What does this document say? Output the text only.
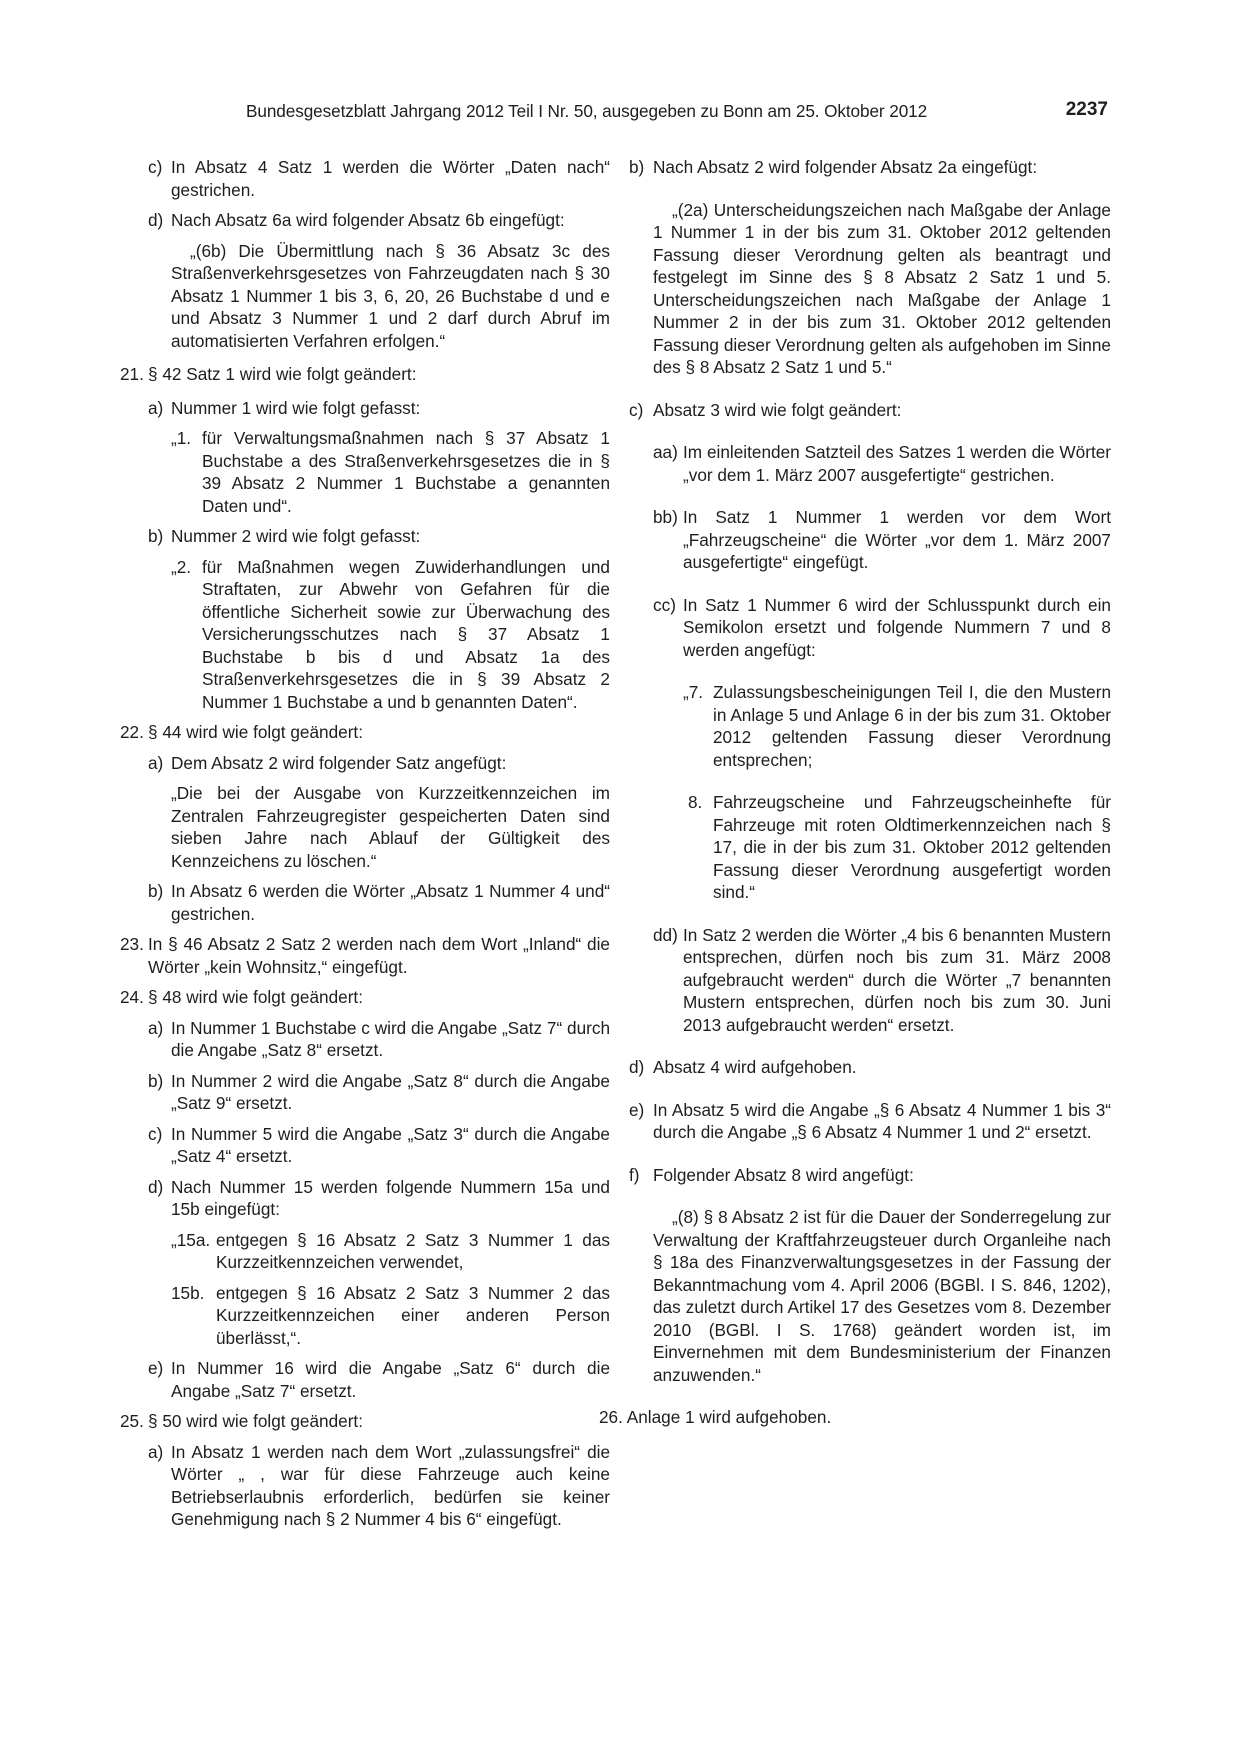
Bundesgesetzblatt Jahrgang 2012 Teil I Nr. 50, ausgegeben zu Bonn am 25. Oktober 2012	2237
c) In Absatz 4 Satz 1 werden die Wörter „Daten nach“ gestrichen.

d) Nach Absatz 6a wird folgender Absatz 6b eingefügt:

„(6b) Die Übermittlung nach § 36 Absatz 3c des Straßenverkehrsgesetzes von Fahrzeugdaten nach § 30 Absatz 1 Nummer 1 bis 3, 6, 20, 26 Buchstabe d und e und Absatz 3 Nummer 1 und 2 darf durch Abruf im automatisierten Verfahren erfolgen.“

21. § 42 Satz 1 wird wie folgt geändert:

a) Nummer 1 wird wie folgt gefasst:

„1. für Verwaltungsmaßnahmen nach § 37 Absatz 1 Buchstabe a des Straßenverkehrsgesetzes die in § 39 Absatz 2 Nummer 1 Buchstabe a genannten Daten und“.

b) Nummer 2 wird wie folgt gefasst:

„2. für Maßnahmen wegen Zuwiderhandlungen und Straftaten, zur Abwehr von Gefahren für die öffentliche Sicherheit sowie zur Überwachung des Versicherungsschutzes nach § 37 Absatz 1 Buchstabe b bis d und Absatz 1a des Straßenverkehrsgesetzes die in § 39 Absatz 2 Nummer 1 Buchstabe a und b genannten Daten“.

22. § 44 wird wie folgt geändert:

a) Dem Absatz 2 wird folgender Satz angefügt:

„Die bei der Ausgabe von Kurzzeitkennzeichen im Zentralen Fahrzeugregister gespeicherten Daten sind sieben Jahre nach Ablauf der Gültigkeit des Kennzeichens zu löschen.“

b) In Absatz 6 werden die Wörter „Absatz 1 Nummer 4 und“ gestrichen.

23. In § 46 Absatz 2 Satz 2 werden nach dem Wort „Inland“ die Wörter „kein Wohnsitz,“ eingefügt.

24. § 48 wird wie folgt geändert:

a) In Nummer 1 Buchstabe c wird die Angabe „Satz 7“ durch die Angabe „Satz 8“ ersetzt.

b) In Nummer 2 wird die Angabe „Satz 8“ durch die Angabe „Satz 9“ ersetzt.

c) In Nummer 5 wird die Angabe „Satz 3“ durch die Angabe „Satz 4“ ersetzt.

d) Nach Nummer 15 werden folgende Nummern 15a und 15b eingefügt:

„15a. entgegen § 16 Absatz 2 Satz 3 Nummer 1 das Kurzzeitkennzeichen verwendet,

15b. entgegen § 16 Absatz 2 Satz 3 Nummer 2 das Kurzzeitkennzeichen einer anderen Person überlässt,“.

e) In Nummer 16 wird die Angabe „Satz 6“ durch die Angabe „Satz 7“ ersetzt.

25. § 50 wird wie folgt geändert:

a) In Absatz 1 werden nach dem Wort „zulassungsfrei“ die Wörter „ , war für diese Fahrzeuge auch keine Betriebserlaubnis erforderlich, bedürfen sie keiner Genehmigung nach § 2 Nummer 4 bis 6“ eingefügt.

b) Nach Absatz 2 wird folgender Absatz 2a eingefügt:

„(2a) Unterscheidungszeichen nach Maßgabe der Anlage 1 Nummer 1 in der bis zum 31. Oktober 2012 geltenden Fassung dieser Verordnung gelten als beantragt und festgelegt im Sinne des § 8 Absatz 2 Satz 1 und 5. Unterscheidungszeichen nach Maßgabe der Anlage 1 Nummer 2 in der bis zum 31. Oktober 2012 geltenden Fassung dieser Verordnung gelten als aufgehoben im Sinne des § 8 Absatz 2 Satz 1 und 5.“

c) Absatz 3 wird wie folgt geändert:

aa) Im einleitenden Satzteil des Satzes 1 werden die Wörter „vor dem 1. März 2007 ausgefertigte“ gestrichen.

bb) In Satz 1 Nummer 1 werden vor dem Wort „Fahrzeugscheine“ die Wörter „vor dem 1. März 2007 ausgefertigte“ eingefügt.

cc) In Satz 1 Nummer 6 wird der Schlusspunkt durch ein Semikolon ersetzt und folgende Nummern 7 und 8 werden angefügt:

„7. Zulassungsbescheinigungen Teil I, die den Mustern in Anlage 5 und Anlage 6 in der bis zum 31. Oktober 2012 geltenden Fassung dieser Verordnung entsprechen;

8. Fahrzeugscheine und Fahrzeugscheinhefte für Fahrzeuge mit roten Oldtimerkennzeichen nach § 17, die in der bis zum 31. Oktober 2012 geltenden Fassung dieser Verordnung ausgefertigt worden sind.“

dd) In Satz 2 werden die Wörter „4 bis 6 benannten Mustern entsprechen, dürfen noch bis zum 31. März 2008 aufgebraucht werden“ durch die Wörter „7 benannten Mustern entsprechen, dürfen noch bis zum 30. Juni 2013 aufgebraucht werden“ ersetzt.

d) Absatz 4 wird aufgehoben.

e) In Absatz 5 wird die Angabe „§ 6 Absatz 4 Nummer 1 bis 3“ durch die Angabe „§ 6 Absatz 4 Nummer 1 und 2“ ersetzt.

f) Folgender Absatz 8 wird angefügt:

„(8) § 8 Absatz 2 ist für die Dauer der Sonderregelung zur Verwaltung der Kraftfahrzeugsteuer durch Organleihe nach § 18a des Finanzverwaltungsgesetzes in der Fassung der Bekanntmachung vom 4. April 2006 (BGBl. I S. 846, 1202), das zuletzt durch Artikel 17 des Gesetzes vom 8. Dezember 2010 (BGBl. I S. 1768) geändert worden ist, im Einvernehmen mit dem Bundesministerium der Finanzen anzuwenden.“

26. Anlage 1 wird aufgehoben.
